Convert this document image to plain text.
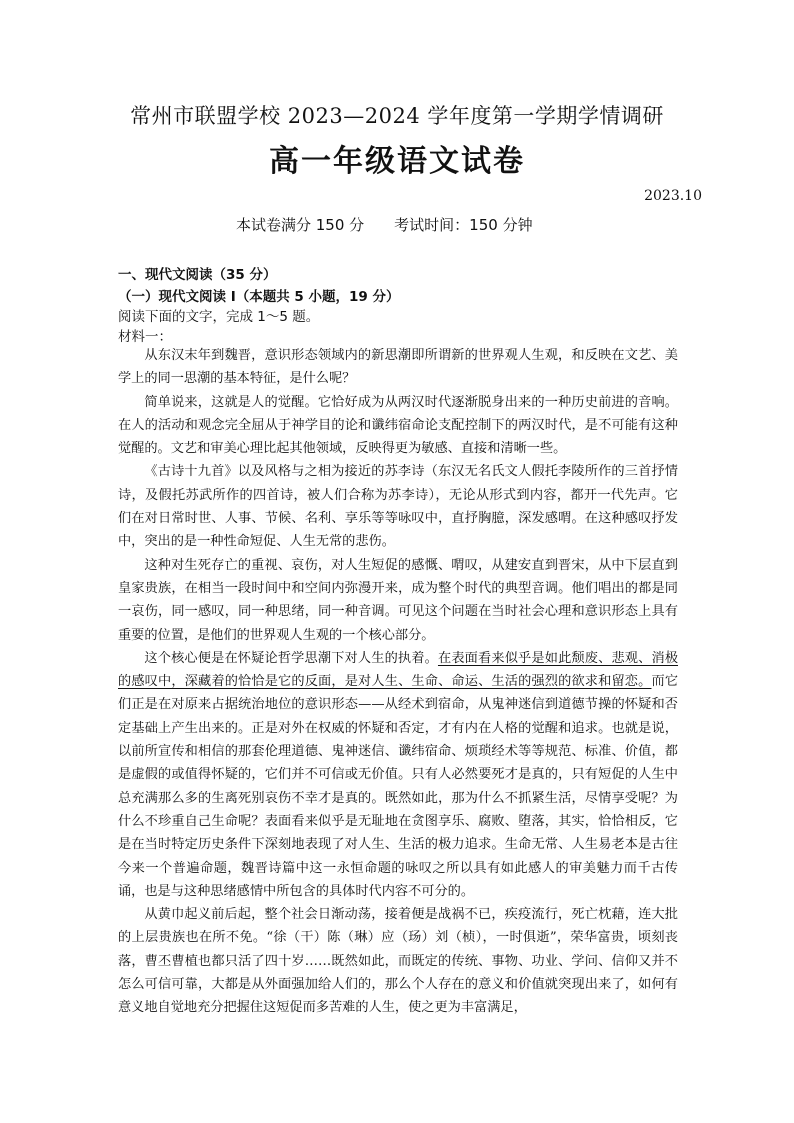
常州市联盟学校 2023—2024 学年度第一学期学情调研
高一年级语文试卷
2023.10
本试卷满分 150 分 考试时间：150 分钟
一、现代文阅读（35 分）
（一）现代文阅读 I（本题共 5 小题，19 分）
阅读下面的文字，完成 1～5 题。
材料一：

从东汉末年到魏晋，意识形态领域内的新思潮即所谓新的世界观人生观，和反映在文艺、美学上的同一思潮的基本特征，是什么呢？

简单说来，这就是人的觉醒。它恰好成为从两汉时代逐渐脱身出来的一种历史前进的音响。在人的活动和观念完全屈从于神学目的论和谶纬宿命论支配控制下的两汉时代，是不可能有这种觉醒的。文艺和审美心理比起其他领域，反映得更为敏感、直接和清晰一些。

《古诗十九首》以及风格与之相为接近的苏李诗（东汉无名氏文人假托李陵所作的三首抒情诗，及假托苏武所作的四首诗，被人们合称为苏李诗），无论从形式到内容，都开一代先声。它们在对日常时世、人事、节候、名利、享乐等等咏叹中，直抒胸臆，深发感喟。在这种感叹抒发中，突出的是一种性命短促、人生无常的悲伤。

这种对生死存亡的重视、哀伤，对人生短促的感慨、喟叹，从建安直到晋宋，从中下层直到皇家贵族，在相当一段时间中和空间内弥漫开来，成为整个时代的典型音调。他们唱出的都是同一哀伤，同一感叹，同一种思绪，同一种音调。可见这个问题在当时社会心理和意识形态上具有重要的位置，是他们的世界观人生观的一个核心部分。

这个核心便是在怀疑论哲学思潮下对人生的执着。在表面看来似乎是如此颓废、悲观、消极的感叹中，深藏着的恰恰是它的反面，是对人生、生命、命运、生活的强烈的欲求和留恋。而它们正是在对原来占据统治地位的意识形态——从经术到宿命，从鬼神迷信到道德节操的怀疑和否定基础上产生出来的。正是对外在权威的怀疑和否定，才有内在人格的觉醒和追求。也就是说，以前所宣传和相信的那套伦理道德、鬼神迷信、谶纬宿命、烦琐经术等等规范、标准、价值，都是虚假的或值得怀疑的，它们并不可信或无价值。只有人必然要死才是真的，只有短促的人生中总充满那么多的生离死别哀伤不幸才是真的。既然如此，那为什么不抓紧生活，尽情享受呢？为什么不珍重自己生命呢？表面看来似乎是无耻地在贪图享乐、腐败、堕落，其实，恰恰相反，它是在当时特定历史条件下深刻地表现了对人生、生活的极力追求。生命无常、人生易老本是古往今来一个普遍命题，魏晋诗篇中这一永恒命题的咏叹之所以具有如此感人的审美魅力而千古传诵，也是与这种思绪感情中所包含的具体时代内容不可分的。

从黄巾起义前后起，整个社会日渐动荡，接着便是战祸不已，疾疫流行，死亡枕藉，连大批的上层贵族也在所不免。“徐（干）陈（琳）应（玚）刘（桢），一时俱逝”，荣华富贵，顷刻丧落，曹丕曹植也都只活了四十岁……既然如此，而既定的传统、事物、功业、学问、信仰又并不怎么可信可靠，大都是从外面强加给人们的，那么个人存在的意义和价值就突现出来了，如何有意义地自觉地充分把握住这短促而多苦难的人生，使之更为丰富满足，
